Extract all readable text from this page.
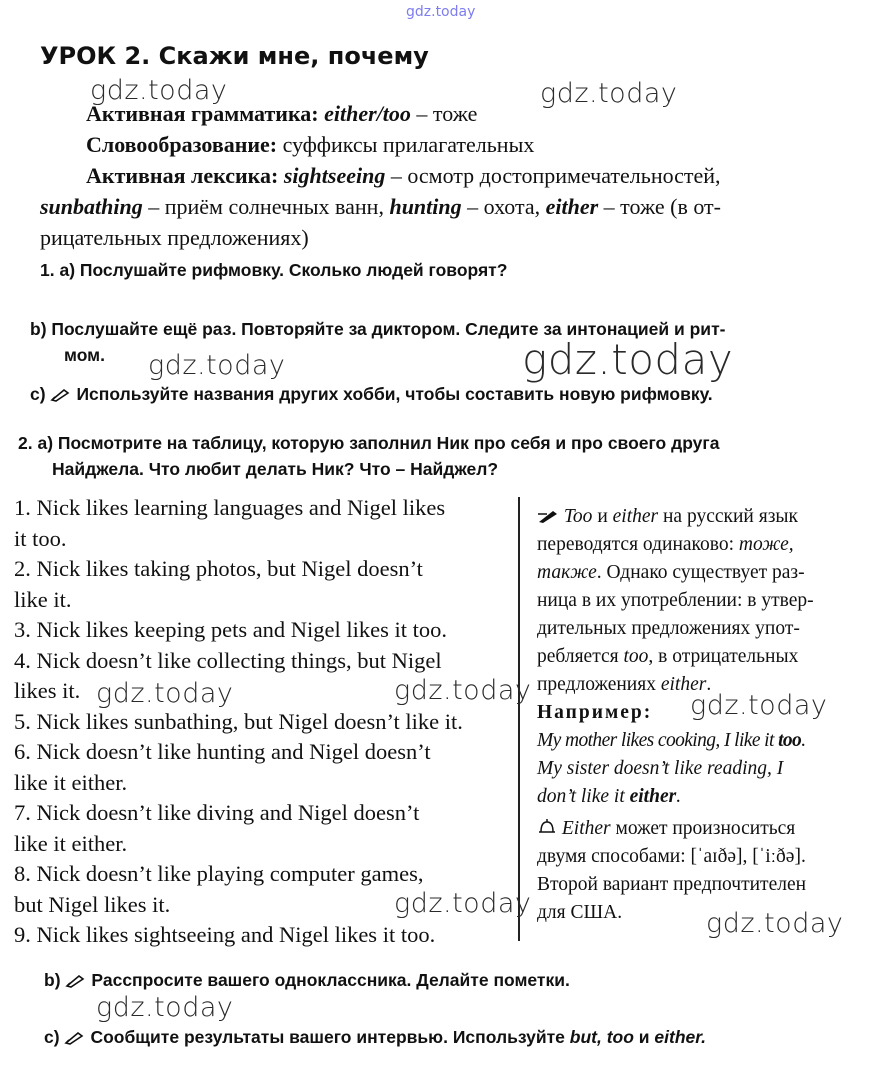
gdz.today
УРОК 2. Скажи мне, почему
Активная грамматика: either/too – тоже
Словообразование: суффиксы прилагательных
Активная лексика: sightseeing – осмотр достопримечательностей,
sunbathing – приём солнечных ванн, hunting – охота, either – тоже (в от-
рицательных предложениях)
1. a) Послушайте рифмовку. Сколько людей говорят?
b) Послушайте ещё раз. Повторяйте за диктором. Следите за интонацией и рит-
мом.
c) Используйте названия других хобби, чтобы составить новую рифмовку.
2. a) Посмотрите на таблицу, которую заполнил Ник про себя и про своего друга
Найджела. Что любит делать Ник? Что – Найджел?
1. Nick likes learning languages and Nigel likes
it too.
2. Nick likes taking photos, but Nigel doesn’t
like it.
3. Nick likes keeping pets and Nigel likes it too.
4. Nick doesn’t like collecting things, but Nigel
likes it.
5. Nick likes sunbathing, but Nigel doesn’t like it.
6. Nick doesn’t like hunting and Nigel doesn’t
like it either.
7. Nick doesn’t like diving and Nigel doesn’t
like it either.
8. Nick doesn’t like playing computer games,
but Nigel likes it.
9. Nick likes sightseeing and Nigel likes it too.
Too и either на русский язык
переводятся одинаково: тоже,
также. Однако существует раз-
ница в их употреблении: в утвер-
дительных предложениях упот-
ребляется too, в отрицательных
предложениях either.
Например:
My mother likes cooking, I like it too.
My sister doesn’t like reading, I
don’t like it either.
Either может произноситься
двумя способами: [ˈaɪðə], [ˈiːðə].
Второй вариант предпочтителен
для США.
b) Расспросите вашего одноклассника. Делайте пометки.
c) Сообщите результаты вашего интервью. Используйте but, too и either.
gdz.today	gdz.today
gdz.today	gdz.today
gdz.today	gdz.today	gdz.today
gdz.today
gdz.today
gdz.today
